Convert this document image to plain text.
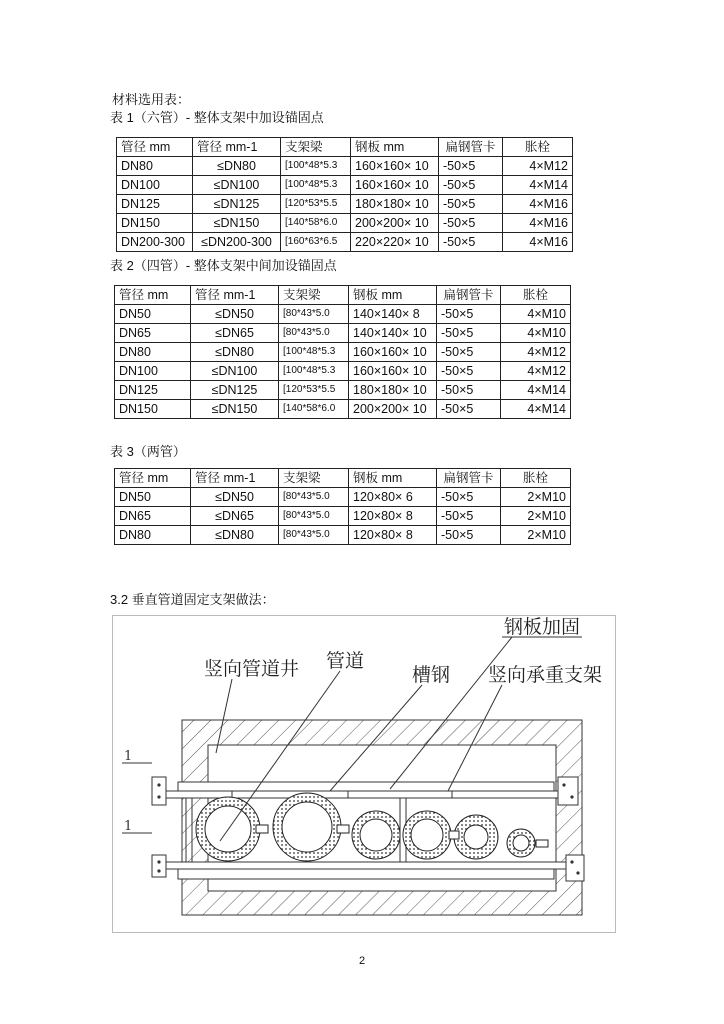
材料选用表：
表 1（六管）- 整体支架中加设锚固点
管径 mm	管径 mm-1	支架梁	钢板 mm	扁钢管卡	胀栓
DN80	≤DN80	[100*48*5.3	160×160× 10	-50×5	4×M12
DN100	≤DN100	[100*48*5.3	160×160× 10	-50×5	4×M14
DN125	≤DN125	[120*53*5.5	180×180× 10	-50×5	4×M16
DN150	≤DN150	[140*58*6.0	200×200× 10	-50×5	4×M16
DN200-300	≤DN200-300	[160*63*6.5	220×220× 10	-50×5	4×M16
表 2（四管）- 整体支架中间加设锚固点
管径 mm	管径 mm-1	支架梁	钢板 mm	扁钢管卡	胀栓
DN50	≤DN50	[80*43*5.0	140×140× 8	-50×5	4×M10
DN65	≤DN65	[80*43*5.0	140×140× 10	-50×5	4×M10
DN80	≤DN80	[100*48*5.3	160×160× 10	-50×5	4×M12
DN100	≤DN100	[100*48*5.3	160×160× 10	-50×5	4×M12
DN125	≤DN125	[120*53*5.5	180×180× 10	-50×5	4×M14
DN150	≤DN150	[140*58*6.0	200×200× 10	-50×5	4×M14
表 3（两管）
管径 mm	管径 mm-1	支架梁	钢板 mm	扁钢管卡	胀栓
DN50	≤DN50	[80*43*5.0	120×80× 6	-50×5	2×M10
DN65	≤DN65	[80*43*5.0	120×80× 8	-50×5	2×M10
DN80	≤DN80	[80*43*5.0	120×80× 8	-50×5	2×M10
3.2 垂直管道固定支架做法：
1
1
竖向管道井 管道
槽钢
钢板加固
竖向承重支架
2
